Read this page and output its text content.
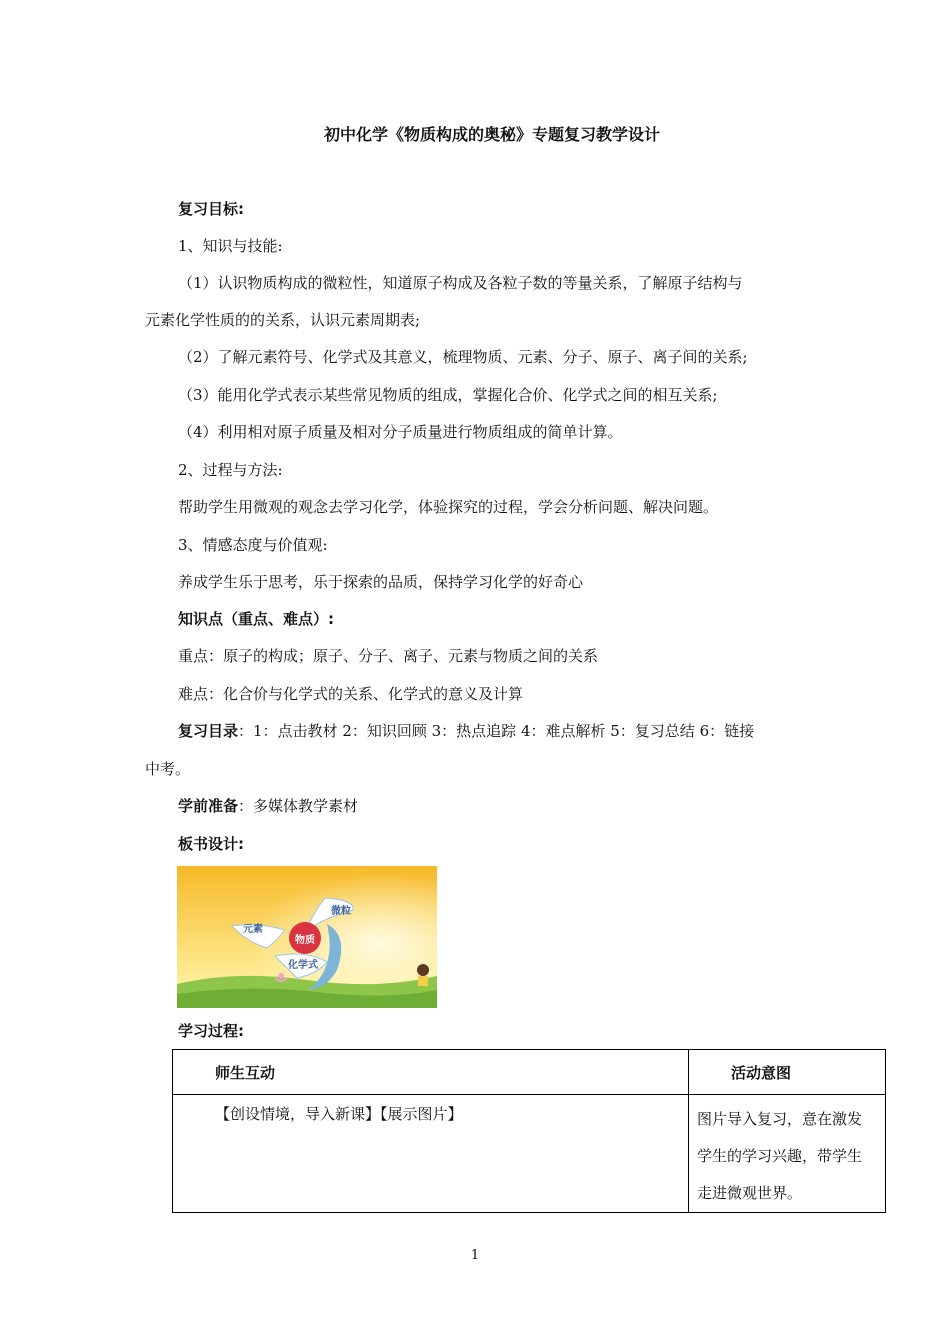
初中化学《物质构成的奥秘》专题复习教学设计
复习目标:
1、知识与技能:
（1）认识物质构成的微粒性，知道原子构成及各粒子数的等量关系，了解原子结构与
元素化学性质的的关系，认识元素周期表;
（2）了解元素符号、化学式及其意义，梳理物质、元素、分子、原子、离子间的关系;
（3）能用化学式表示某些常见物质的组成，掌握化合价、化学式之间的相互关系;
（4）利用相对原子质量及相对分子质量进行物质组成的简单计算。
2、过程与方法:
帮助学生用微观的观念去学习化学，体验探究的过程，学会分析问题、解决问题。
3、情感态度与价值观:
养成学生乐于思考，乐于探索的品质，保持学习化学的好奇心
知识点（重点、难点）:
重点：原子的构成；原子、分子、离子、元素与物质之间的关系
难点：化合价与化学式的关系、化学式的意义及计算
复习目录：1：点击教材 2：知识回顾 3：热点追踪 4：难点解析 5：复习总结 6：链接
中考。
学前准备：多媒体教学素材
板书设计:
物质
元素
化学式
微粒
学习过程:
师生互动	活动意图
【创设情境，导入新课】【展示图片】	图片导入复习，意在激发
学生的学习兴趣，带学生
走进微观世界。
1
